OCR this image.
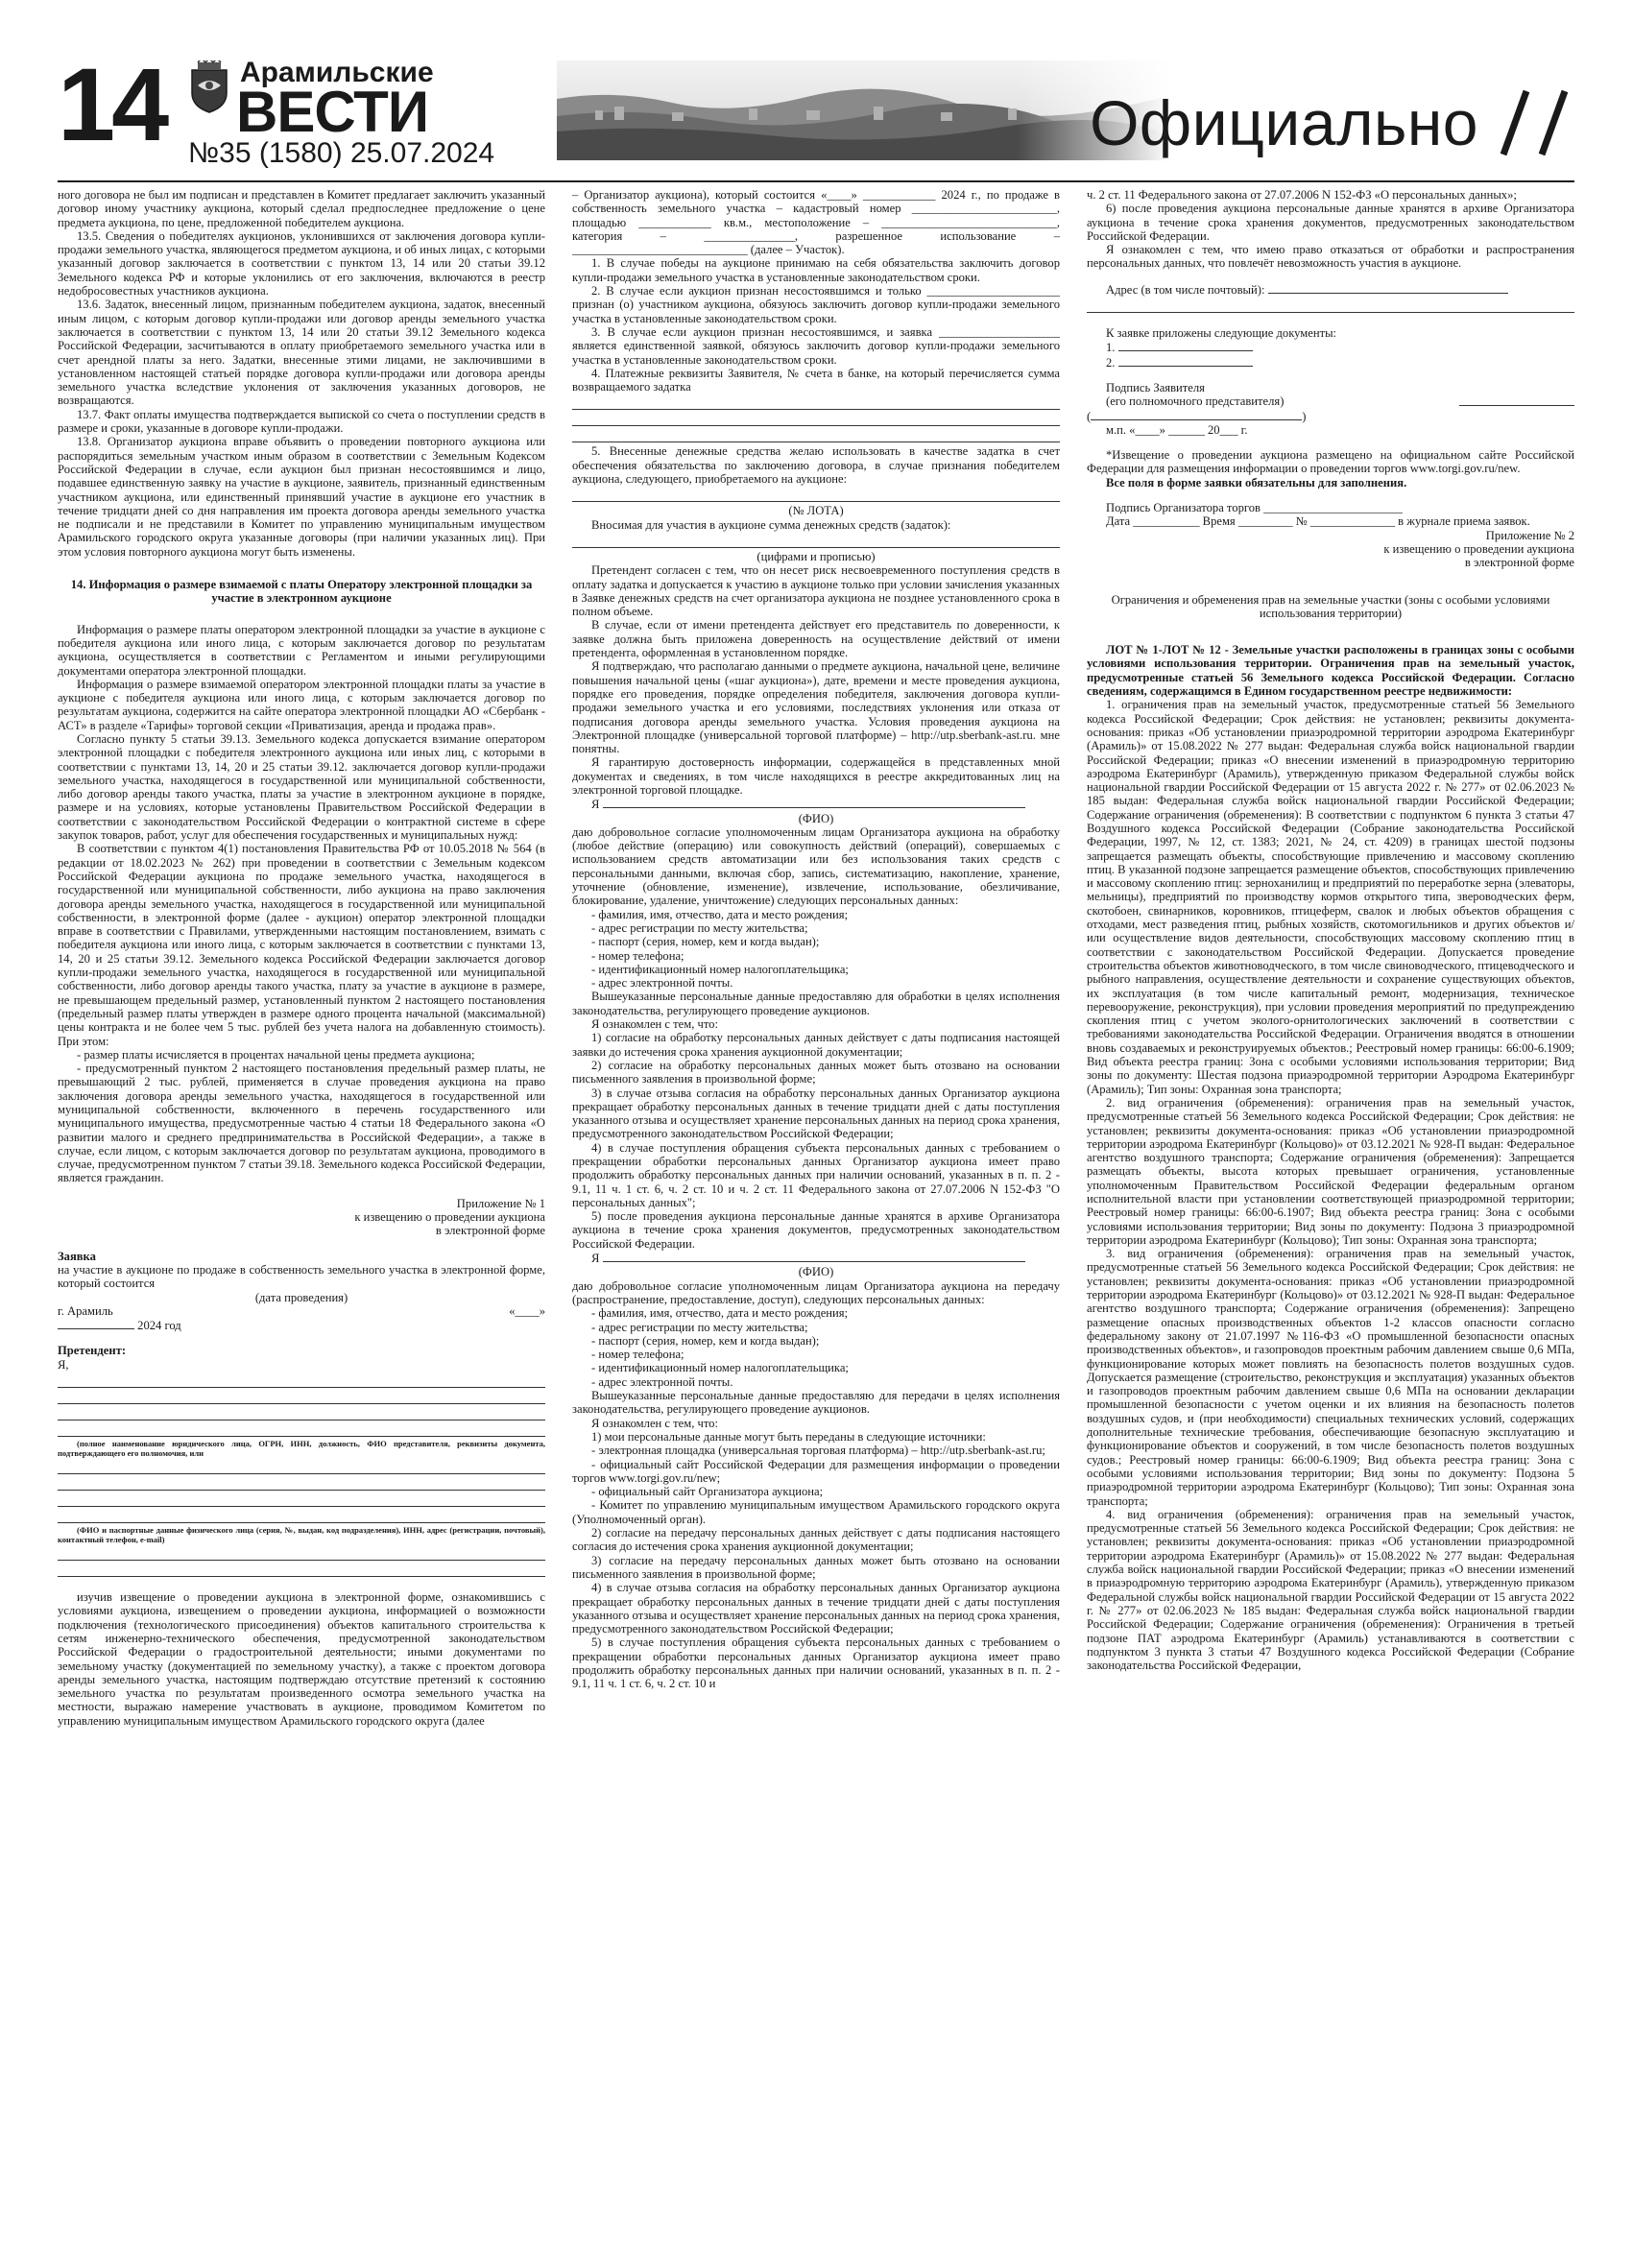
14	Арамильские
ВЕСТИ
№35 (1580) 25.07.2024	Официально

ного договора не был им подписан и представлен в Комитет предлагает заключить указанный договор иному участнику аукциона, который сделал предпоследнее предложение о цене предмета аукциона, по цене, предложенной победителем аукциона.

13.5. Сведения о победителях аукционов, уклонившихся от заключения договора купли-продажи земельного участка, являющегося предметом аукциона, и об иных лицах, с которыми указанный договор заключается в соответствии с пунктом 13, 14 или 20 статьи 39.12 Земельного кодекса РФ и которые уклонились от его заключения, включаются в реестр недобросовестных участников аукциона.

13.6. Задаток, внесенный лицом, признанным победителем аукциона, задаток, внесенный иным лицом, с которым договор купли-продажи или договор аренды земельного участка заключается в соответствии с пунктом 13, 14 или 20 статьи 39.12 Земельного кодекса Российской Федерации, засчитываются в оплату приобретаемого земельного участка или в счет арендной платы за него. Задатки, внесенные этими лицами, не заключившими в установленном настоящей статьей порядке договора купли-продажи или договора аренды земельного участка вследствие уклонения от заключения указанных договоров, не возвращаются.

13.7. Факт оплаты имущества подтверждается выпиской со счета о поступлении средств в размере и сроки, указанные в договоре купли-продажи.

13.8. Организатор аукциона вправе объявить о проведении повторного аукциона или распорядиться земельным участком иным образом в соответствии с Земельным Кодексом Российской Федерации в случае, если аукцион был признан несостоявшимся и лицо, подавшее единственную заявку на участие в аукционе, заявитель, признанный единственным участником аукциона, или единственный принявший участие в аукционе его участник в течение тридцати дней со дня направления им проекта договора аренды земельного участка не подписали и не представили в Комитет по управлению муниципальным имуществом Арамильского городского округа указанные договоры (при наличии указанных лиц). При этом условия повторного аукциона могут быть изменены.

14. Информация о размере взимаемой с платы Оператору электронной площадки за участие в электронном аукционе

Информация о размере платы оператором электронной площадки за участие в аукционе с победителя аукциона или иного лица, с которым заключается договор по результатам аукциона, осуществляется в соответствии с Регламентом и иными регулирующими документами оператора электронной площадки.

Информация о размере взимаемой оператором электронной площадки платы за участие в аукционе с победителя аукциона или иного лица, с которым заключается договор по результатам аукциона, содержится на сайте оператора электронной площадки АО «Сбербанк - АСТ» в разделе «Тарифы» торговой секции «Приватизация, аренда и продажа прав».

Согласно пункту 5 статьи 39.13. Земельного кодекса допускается взимание оператором электронной площадки с победителя электронного аукциона или иных лиц, с которыми в соответствии с пунктами 13, 14, 20 и 25 статьи 39.12. заключается договор купли-продажи земельного участка, находящегося в государственной или муниципальной собственности, либо договор аренды такого участка, платы за участие в электронном аукционе в порядке, размере и на условиях, которые установлены Правительством Российской Федерации в соответствии с законодательством Российской Федерации о контрактной системе в сфере закупок товаров, работ, услуг для обеспечения государственных и муниципальных нужд:

В соответствии с пунктом 4(1) постановления Правительства РФ от 10.05.2018 № 564 (в редакции от 18.02.2023 № 262) при проведении в соответствии с Земельным кодексом Российской Федерации аукциона по продаже земельного участка, находящегося в государственной или муниципальной собственности, либо аукциона на право заключения договора аренды земельного участка, находящегося в государственной или муниципальной собственности, в электронной форме (далее - аукцион) оператор электронной площадки вправе в соответствии с Правилами, утвержденными настоящим постановлением, взимать с победителя аукциона или иного лица, с которым заключается в соответствии с пунктами 13, 14, 20 и 25 статьи 39.12. Земельного кодекса Российской Федерации заключается договор купли-продажи земельного участка, находящегося в государственной или муниципальной собственности, либо договор аренды такого участка, плату за участие в аукционе в размере, не превышающем предельный размер, установленный пунктом 2 настоящего постановления (предельный размер платы утвержден в размере одного процента начальной (максимальной) цены контракта и не более чем 5 тыс. рублей без учета налога на добавленную стоимость). При этом:

- размер платы исчисляется в процентах начальной цены предмета аукциона;

- предусмотренный пунктом 2 настоящего постановления предельный размер платы, не превышающий 2 тыс. рублей, применяется в случае проведения аукциона на право заключения договора аренды земельного участка, находящегося в государственной или муниципальной собственности, включенного в перечень государственного или муниципального имущества, предусмотренные частью 4 статьи 18 Федерального закона «О развитии малого и среднего предпринимательства в Российской Федерации», а также в случае, если лицом, с которым заключается договор по результатам аукциона, проводимого в случае, предусмотренном пунктом 7 статьи 39.18. Земельного кодекса Российской Федерации, является гражданин.

Приложение № 1

к извещению о проведении аукциона

в электронной форме

Заявка

на участие в аукционе по продаже в собственность земельного участка в электронной форме, который состоится

(дата проведения)

г. Арамиль	«____»

2024 год

Претендент:

Я,

(полное наименование юридического лица, ОГРН, ИНН, должность, ФИО представителя, реквизиты документа, подтверждающего его полномочия, или

(ФИО и паспортные данные физического лица (серия, №, выдан, код подразделения), ИНН, адрес (регистрации, почтовый), контактный телефон, e-mail)

изучив извещение о проведении аукциона в электронной форме, ознакомившись с условиями аукциона, извещением о проведении аукциона, информацией о возможности подключения (технологического присоединения) объектов капитального строительства к сетям инженерно-технического обеспечения, предусмотренной законодательством Российской Федерации о градостроительной деятельности; иными документами по земельному участку (документацией по земельному участку), а также с проектом договора аренды земельного участка, настоящим подтверждаю отсутствие претензий к состоянию земельного участка по результатам произведенного осмотра земельного участка на местности, выражаю намерение участвовать в аукционе, проводимом Комитетом по управлению муниципальным имуществом Арамильского городского округа (далее

– Организатор аукциона), который состоится «____» ____________ 2024 г., по продаже в собственность земельного участка – кадастровый номер ________________________, площадью ____________ кв.м., местоположение – _____________________________, категория – _______________, разрешенное использование – _____________________________ (далее – Участок).

1. В случае победы на аукционе принимаю на себя обязательства заключить договор купли-продажи земельного участка в установленные законодательством сроки.

2. В случае если аукцион признан несостоявшимся и только ______________________ признан (о) участником аукциона, обязуюсь заключить договор купли-продажи земельного участка в установленные законодательством сроки.

3. В случае если аукцион признан несостоявшимся, и заявка ____________________ является единственной заявкой, обязуюсь заключить договор купли-продажи земельного участка в установленные законодательством сроки.

4. Платежные реквизиты Заявителя, № счета в банке, на который перечисляется сумма возвращаемого задатка

5. Внесенные денежные средства желаю использовать в качестве задатка в счет обеспечения обязательства по заключению договора, в случае признания победителем аукциона, следующего, приобретаемого на аукционе:

(№ ЛОТА)

Вносимая для участия в аукционе сумма денежных средств (задаток):

(цифрами и прописью)

Претендент согласен с тем, что он несет риск несвоевременного поступления средств в оплату задатка и допускается к участию в аукционе только при условии зачисления указанных в Заявке денежных средств на счет организатора аукциона не позднее установленного срока в полном объеме.

В случае, если от имени претендента действует его представитель по доверенности, к заявке должна быть приложена доверенность на осуществление действий от имени претендента, оформленная в установленном порядке.

Я подтверждаю, что располагаю данными о предмете аукциона, начальной цене, величине повышения начальной цены («шаг аукциона»), дате, времени и месте проведения аукциона, порядке его проведения, порядке определения победителя, заключения договора купли-продажи земельного участка и его условиями, последствиях уклонения или отказа от подписания договора аренды земельного участка. Условия проведения аукциона на Электронной площадке (универсальной торговой платформе) – http://utp.sberbank-ast.ru. мне понятны.

Я гарантирую достоверность информации, содержащейся в представленных мной документах и сведениях, в том числе находящихся в реестре аккредитованных лиц на электронной торговой площадке.

Я

(ФИО)

даю добровольное согласие уполномоченным лицам Организатора аукциона на обработку (любое действие (операцию) или совокупность действий (операций), совершаемых с использованием средств автоматизации или без использования таких средств с персональными данными, включая сбор, запись, систематизацию, накопление, хранение, уточнение (обновление, изменение), извлечение, использование, обезличивание, блокирование, удаление, уничтожение) следующих персональных данных:

- фамилия, имя, отчество, дата и место рождения;

- адрес регистрации по месту жительства;

- паспорт (серия, номер, кем и когда выдан);

- номер телефона;

- идентификационный номер налогоплательщика;

- адрес электронной почты.

Вышеуказанные персональные данные предоставляю для обработки в целях исполнения законодательства, регулирующего проведение аукционов.

Я ознакомлен с тем, что:

1) согласие на обработку персональных данных действует с даты подписания настоящей заявки до истечения срока хранения аукционной документации;

2) согласие на обработку персональных данных может быть отозвано на основании письменного заявления в произвольной форме;

3) в случае отзыва согласия на обработку персональных данных Организатор аукциона прекращает обработку персональных данных в течение тридцати дней с даты поступления указанного отзыва и осуществляет хранение персональных данных на период срока хранения, предусмотренного законодательством Российской Федерации;

4) в случае поступления обращения субъекта персональных данных с требованием о прекращении обработки персональных данных Организатор аукциона имеет право продолжить обработку персональных данных при наличии оснований, указанных в п. п. 2 - 9.1, 11 ч. 1 ст. 6, ч. 2 ст. 10 и ч. 2 ст. 11 Федерального закона от 27.07.2006 N 152-ФЗ "О персональных данных";

5) после проведения аукциона персональные данные хранятся в архиве Организатора аукциона в течение срока хранения документов, предусмотренных законодательством Российской Федерации.

Я

(ФИО)

даю добровольное согласие уполномоченным лицам Организатора аукциона на передачу (распространение, предоставление, доступ), следующих персональных данных:

- фамилия, имя, отчество, дата и место рождения;

- адрес регистрации по месту жительства;

- паспорт (серия, номер, кем и когда выдан);

- номер телефона;

- идентификационный номер налогоплательщика;

- адрес электронной почты.

Вышеуказанные персональные данные предоставляю для передачи в целях исполнения законодательства, регулирующего проведение аукционов.

Я ознакомлен с тем, что:

1) мои персональные данные могут быть переданы в следующие источники:

- электронная площадка (универсальная торговая платформа) – http://utp.sberbank-ast.ru;

- официальный сайт Российской Федерации для размещения информации о проведении торгов www.torgi.gov.ru/new;

- официальный сайт Организатора аукциона;

- Комитет по управлению муниципальным имуществом Арамильского городского округа (Уполномоченный орган).

2) согласие на передачу персональных данных действует с даты подписания настоящего согласия до истечения срока хранения аукционной документации;

3) согласие на передачу персональных данных может быть отозвано на основании письменного заявления в произвольной форме;

4) в случае отзыва согласия на обработку персональных данных Организатор аукциона прекращает обработку персональных данных в течение тридцати дней с даты поступления указанного отзыва и осуществляет хранение персональных данных на период срока хранения, предусмотренного законодательством Российской Федерации;

5) в случае поступления обращения субъекта персональных данных с требованием о прекращении обработки персональных данных Организатор аукциона имеет право продолжить обработку персональных данных при наличии оснований, указанных в п. п. 2 - 9.1, 11 ч. 1 ст. 6, ч. 2 ст. 10 и

ч. 2 ст. 11 Федерального закона от 27.07.2006 N 152-ФЗ «О персональных данных»;

6) после проведения аукциона персональные данные хранятся в архиве Организатора аукциона в течение срока хранения документов, предусмотренных законодательством Российской Федерации.

Я ознакомлен с тем, что имею право отказаться от обработки и распространения персональных данных, что повлечёт невозможность участия в аукционе.

Адрес (в том числе почтовый):

К заявке приложены следующие документы:

1.

2.

Подпись Заявителя

(его полномочного представителя)

(	)

м.п. «____» ______ 20___ г.

*Извещение о проведении аукциона размещено на официальном сайте Российской Федерации для размещения информации о проведении торгов www.torgi.gov.ru/new.

Все поля в форме заявки обязательны для заполнения.

Подпись Организатора торгов _______________________

Дата ___________ Время _________ № ______________ в журнале приема заявок.

Приложение № 2

к извещению о проведении аукциона

в электронной форме

Ограничения и обременения прав на земельные участки (зоны с особыми условиями использования территории)

ЛОТ № 1-ЛОТ № 12 - Земельные участки расположены в границах зоны с особыми условиями использования территории. Ограничения прав на земельный участок, предусмотренные статьей 56 Земельного кодекса Российской Федерации. Согласно сведениям, содержащимся в Едином государственном реестре недвижимости:

1. ограничения прав на земельный участок, предусмотренные статьей 56 Земельного кодекса Российской Федерации; Срок действия: не установлен; реквизиты документа-основания: приказ «Об установлении приаэродромной территории аэродрома Екатеринбург (Арамиль)» от 15.08.2022 № 277 выдан: Федеральная служба войск национальной гвардии Российской Федерации; приказ «О внесении изменений в приаэродромную территорию аэродрома Екатеринбург (Арамиль), утвержденную приказом Федеральной службы войск национальной гвардии Российской Федерации от 15 августа 2022 г. № 277» от 02.06.2023 № 185 выдан: Федеральная служба войск национальной гвардии Российской Федерации; Содержание ограничения (обременения): В соответствии с подпунктом 6 пункта 3 статьи 47 Воздушного кодекса Российской Федерации (Собрание законодательства Российской Федерации, 1997, № 12, ст. 1383; 2021, № 24, ст. 4209) в границах шестой подзоны запрещается размещать объекты, способствующие привлечению и массовому скоплению птиц. В указанной подзоне запрещается размещение объектов, способствующих привлечению и массовому скоплению птиц: зерноханилищ и предприятий по переработке зерна (элеваторы, мельницы), предприятий по производству кормов открытого типа, звероводческих ферм, скотобоен, свинарников, коровников, птицеферм, свалок и любых объектов обращения с отходами, мест разведения птиц, рыбных хозяйств, скотомогильников и других объектов и/или осуществление видов деятельности, способствующих массовому скоплению птиц в соответствии с законодательством Российской Федерации. Допускается проведение строительства объектов животноводческого, в том числе свиноводческого, птицеводческого и рыбного направления, осуществление деятельности и сохранение существующих объектов, их эксплуатация (в том числе капитальный ремонт, модернизация, техническое перевооружение, реконструкция), при условии проведения мероприятий по предупреждению скопления птиц с учетом эколого-орнитологических заключений в соответствии с требованиями законодательства Российской Федерации. Ограничения вводятся в отношении вновь создаваемых и реконструируемых объектов.; Реестровый номер границы: 66:00-6.1909; Вид объекта реестра границ: Зона с особыми условиями использования территории; Вид зоны по документу: Шестая подзона приаэродромной территории Аэродрома Екатеринбург (Арамиль); Тип зоны: Охранная зона транспорта;

2. вид ограничения (обременения): ограничения прав на земельный участок, предусмотренные статьей 56 Земельного кодекса Российской Федерации; Срок действия: не установлен; реквизиты документа-основания: приказ «Об установлении приаэродромной территории аэродрома Екатеринбург (Кольцово)» от 03.12.2021 № 928-П выдан: Федеральное агентство воздушного транспорта; Содержание ограничения (обременения): Запрещается размещать объекты, высота которых превышает ограничения, установленные уполномоченным Правительством Российской Федерации федеральным органом исполнительной власти при установлении соответствующей приаэродромной территории; Реестровый номер границы: 66:00-6.1907; Вид объекта реестра границ: Зона с особыми условиями использования территории; Вид зоны по документу: Подзона 3 приаэродромной территории аэродрома Екатеринбург (Кольцово); Тип зоны: Охранная зона транспорта;

3. вид ограничения (обременения): ограничения прав на земельный участок, предусмотренные статьей 56 Земельного кодекса Российской Федерации; Срок действия: не установлен; реквизиты документа-основания: приказ «Об установлении приаэродромной территории аэродрома Екатеринбург (Кольцово)» от 03.12.2021 № 928-П выдан: Федеральное агентство воздушного транспорта; Содержание ограничения (обременения): Запрещено размещение опасных производственных объектов 1-2 классов опасности согласно федеральному закону от 21.07.1997 №116-ФЗ «О промышленной безопасности опасных производственных объектов», и газопроводов проектным рабочим давлением свыше 0,6 МПа, функционирование которых может повлиять на безопасность полетов воздушных судов. Допускается размещение (строительство, реконструкция и эксплуатация) указанных объектов и газопроводов проектным рабочим давлением свыше 0,6 МПа на основании декларации промышленной безопасности с учетом оценки и их влияния на безопасность полетов воздушных судов, и (при необходимости) специальных технических условий, содержащих дополнительные технические требования, обеспечивающие безопасную эксплуатацию и функционирование объектов и сооружений, в том числе безопасность полетов воздушных судов.; Реестровый номер границы: 66:00-6.1909; Вид объекта реестра границ: Зона с особыми условиями использования территории; Вид зоны по документу: Подзона 5 приаэродромной территории аэродрома Екатеринбург (Кольцово); Тип зоны: Охранная зона транспорта;

4. вид ограничения (обременения): ограничения прав на земельный участок, предусмотренные статьей 56 Земельного кодекса Российской Федерации; Срок действия: не установлен; реквизиты документа-основания: приказ «Об установлении приаэродромной территории аэродрома Екатеринбург (Арамиль)» от 15.08.2022 № 277 выдан: Федеральная служба войск национальной гвардии Российской Федерации; приказ «О внесении изменений в приаэродромную территорию аэродрома Екатеринбург (Арамиль), утвержденную приказом Федеральной службы войск национальной гвардии Российской Федерации от 15 августа 2022 г. № 277» от 02.06.2023 № 185 выдан: Федеральная служба войск национальной гвардии Российской Федерации; Содержание ограничения (обременения): Ограничения в третьей подзоне ПАТ аэродрома Екатеринбург (Арамиль) устанавливаются в соответствии с подпунктом 3 пункта 3 статьи 47 Воздушного кодекса Российской Федерации (Собрание законодательства Российской Федерации,
